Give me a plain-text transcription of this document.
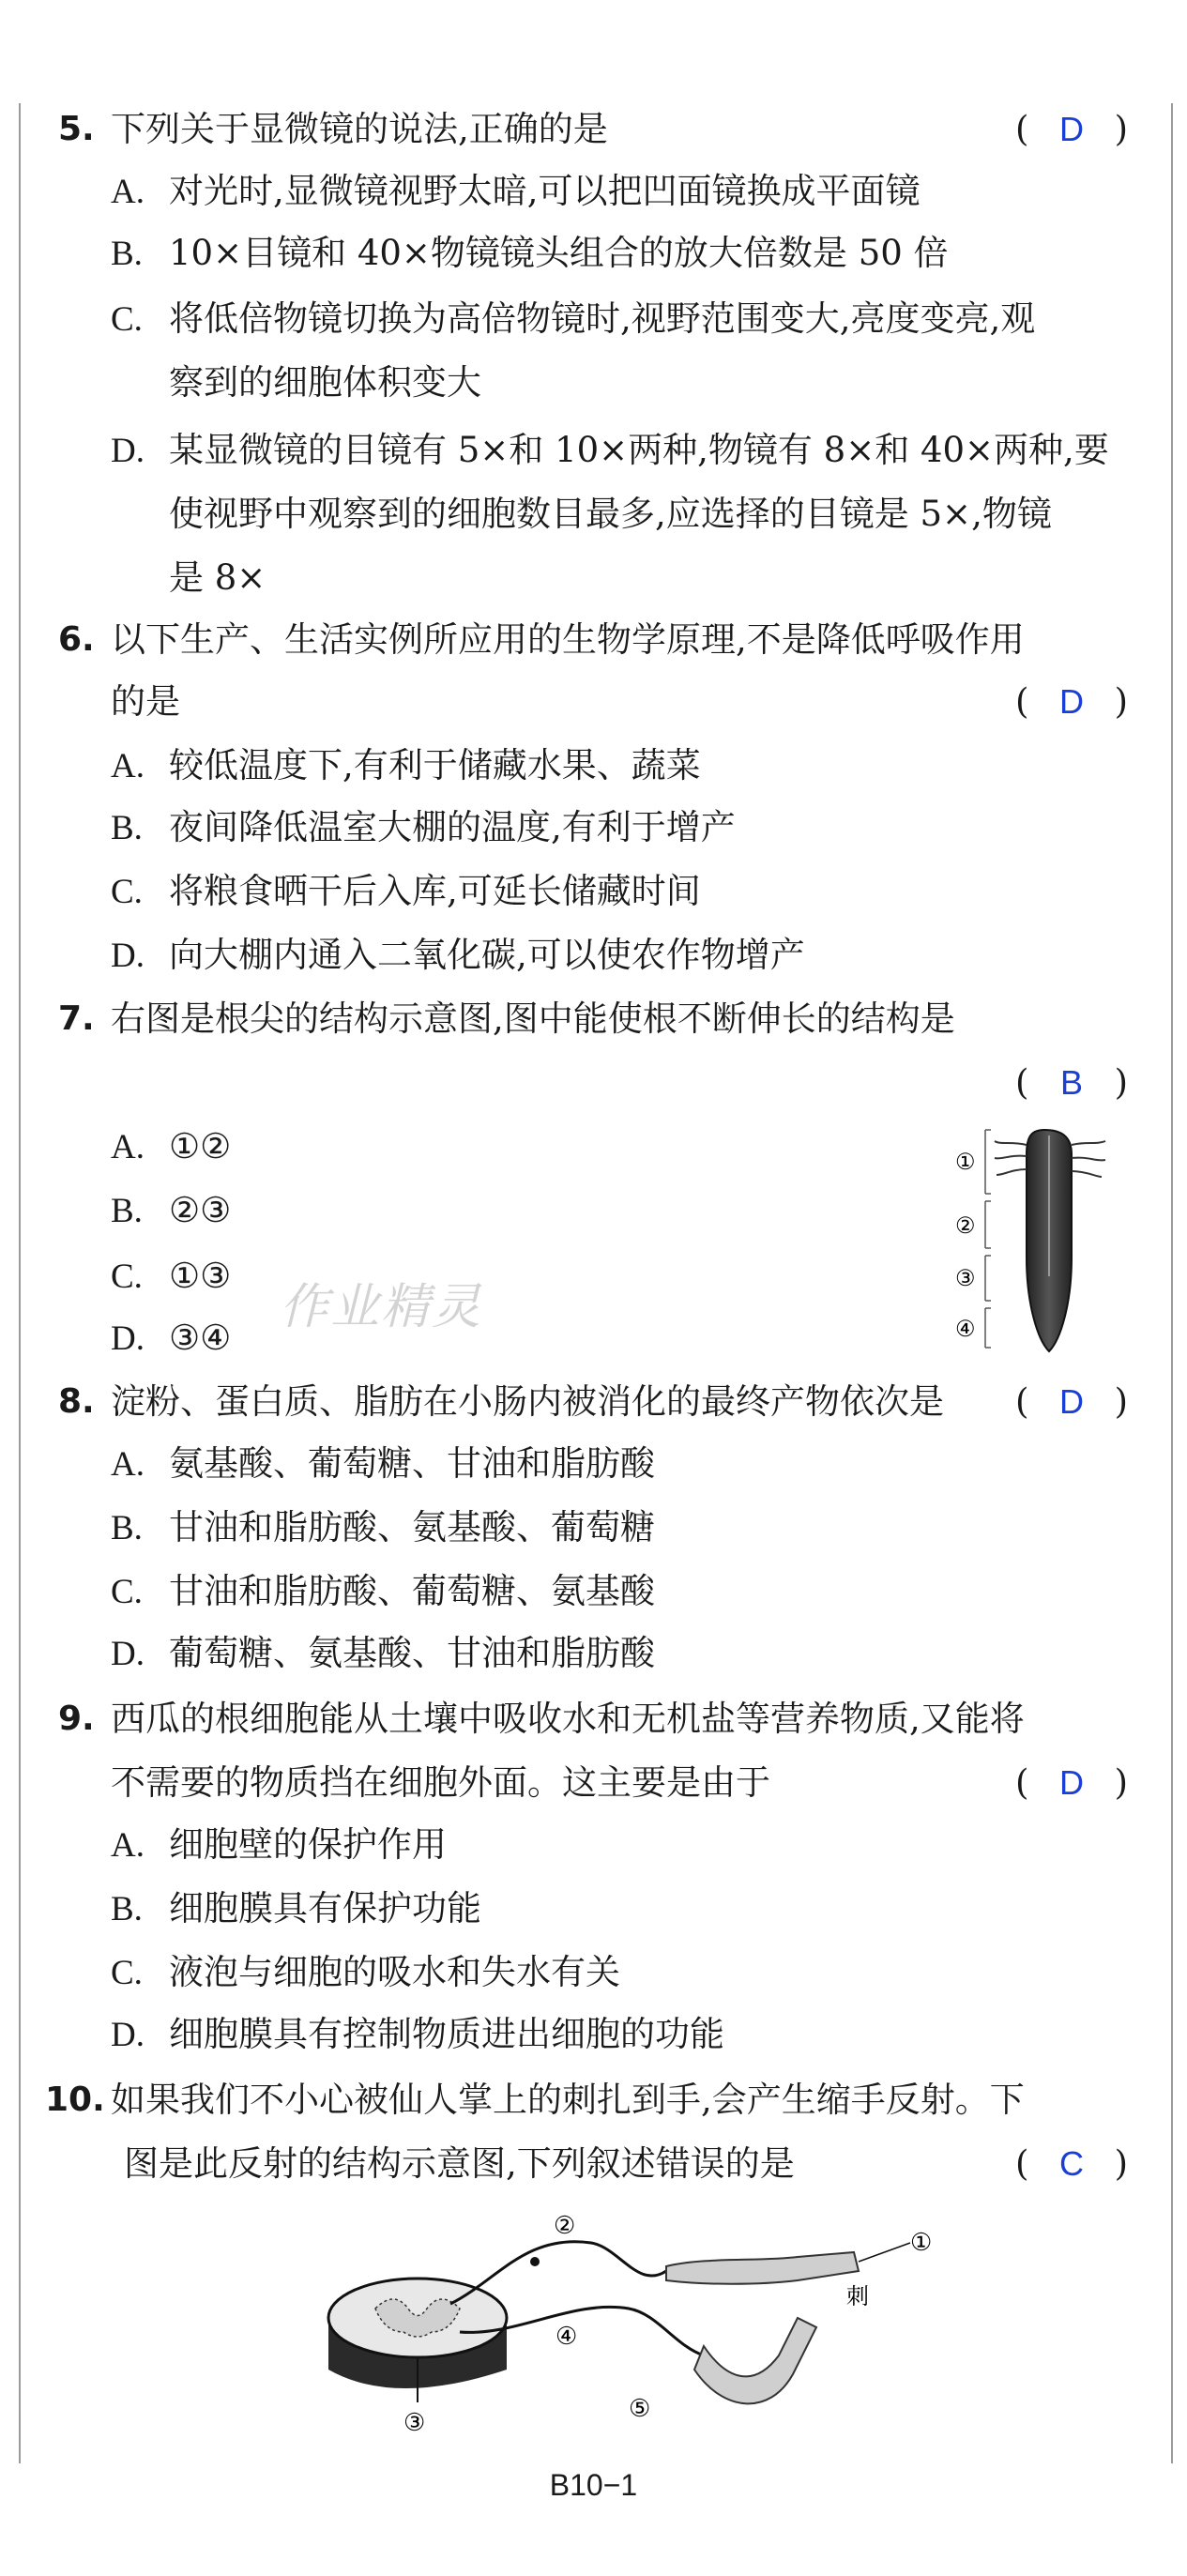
5. 下列关于显微镜的说法,正确的是	( D )
A. 对光时,显微镜视野太暗,可以把凹面镜换成平面镜
B. 10×目镜和 40×物镜镜头组合的放大倍数是 50 倍
C. 将低倍物镜切换为高倍物镜时,视野范围变大,亮度变亮,观
察到的细胞体积变大
D. 某显微镜的目镜有 5×和 10×两种,物镜有 8×和 40×两种,要
使视野中观察到的细胞数目最多,应选择的目镜是 5×,物镜
是 8×
6. 以下生产、生活实例所应用的生物学原理,不是降低呼吸作用
的是	( D )
A. 较低温度下,有利于储藏水果、蔬菜
B. 夜间降低温室大棚的温度,有利于增产
C. 将粮食晒干后入库,可延长储藏时间
D. 向大棚内通入二氧化碳,可以使农作物增产
7. 右图是根尖的结构示意图,图中能使根不断伸长的结构是
( B )
A. ①②
B. ②③
C. ①③
D. ③④
作业精灵
①
②
③
④
8. 淀粉、蛋白质、脂肪在小肠内被消化的最终产物依次是 ( D )
A. 氨基酸、葡萄糖、甘油和脂肪酸
B. 甘油和脂肪酸、氨基酸、葡萄糖
C. 甘油和脂肪酸、葡萄糖、氨基酸
D. 葡萄糖、氨基酸、甘油和脂肪酸
9. 西瓜的根细胞能从土壤中吸收水和无机盐等营养物质,又能将
不需要的物质挡在细胞外面。这主要是由于	( D )
A. 细胞壁的保护作用
B. 细胞膜具有保护功能
C. 液泡与细胞的吸水和失水有关
D. 细胞膜具有控制物质进出细胞的功能
10. 如果我们不小心被仙人掌上的刺扎到手,会产生缩手反射。下
图是此反射的结构示意图,下列叙述错误的是	( C )
①
②
③
④
⑤
刺
B10−1
